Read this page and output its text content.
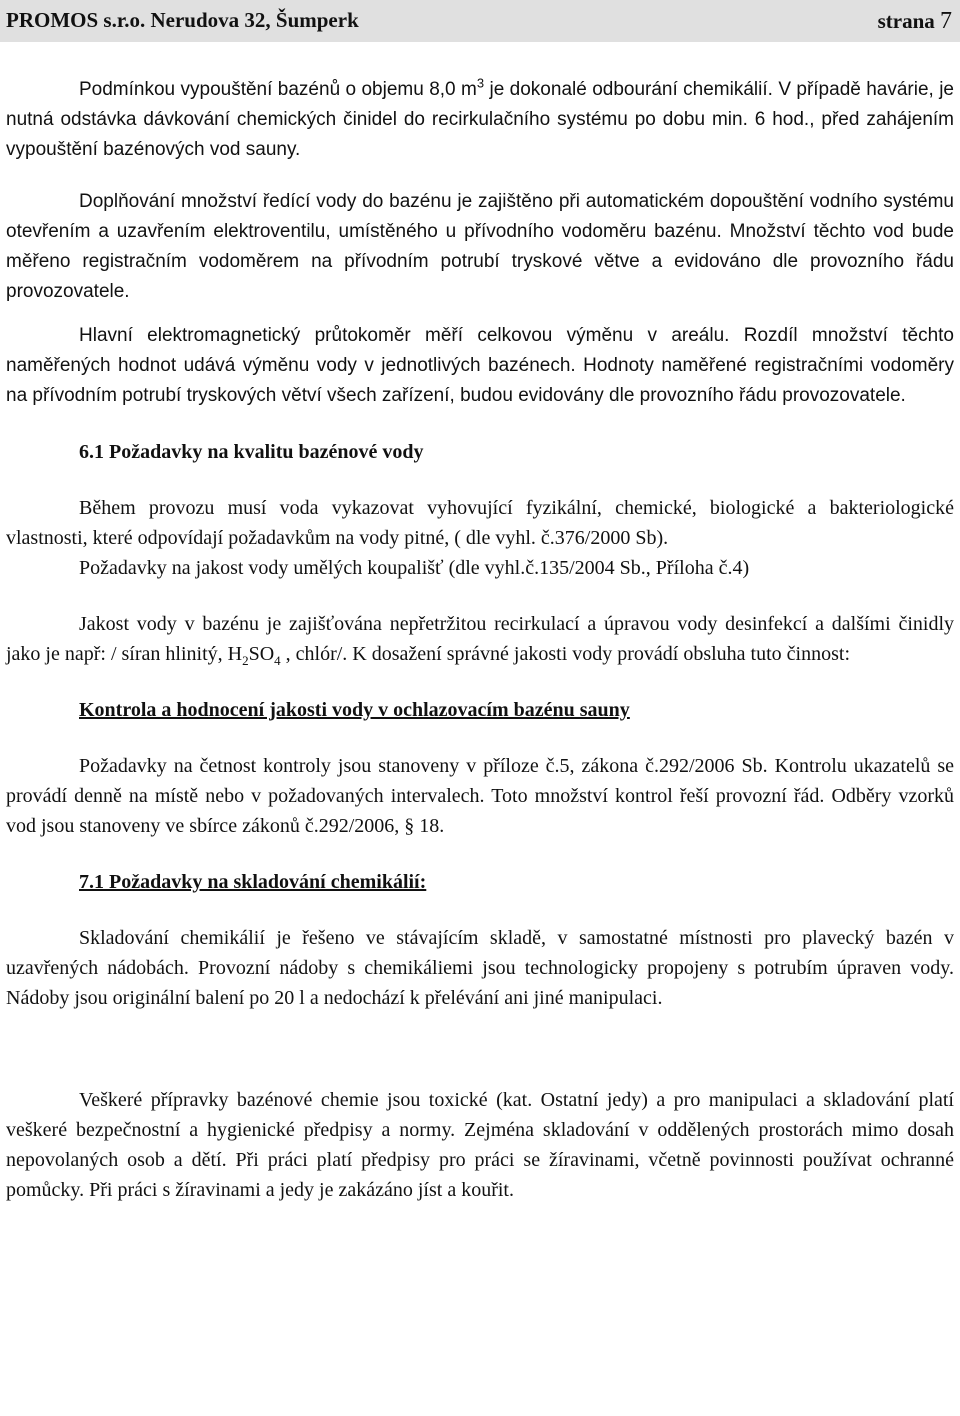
PROMOS s.r.o. Nerudova 32, Šumperk	strana 7

Podmínkou vypouštění bazénů o objemu 8,0 $m^3$ je dokonalé odbourání chemikálií. V případě havárie, je nutná odstávka dávkování chemických činidel do recirkulačního systému po dobu min. 6 hod., před zahájením vypouštění bazénových vod sauny.

Doplňování množství ředící vody do bazénu je zajištěno při automatickém dopouštění vodního systému otevřením a uzavřením elektroventilu, umístěného u přívodního vodoměru bazénu. Množství těchto vod bude měřeno registračním vodoměrem na přívodním potrubí tryskové větve a evidováno dle provozního řádu provozovatele.

Hlavní elektromagnetický průtokoměr měří celkovou výměnu v areálu. Rozdíl množství těchto naměřených hodnot udává výměnu vody v jednotlivých bazénech. Hodnoty naměřené registračními vodoměry na přívodním potrubí tryskových větví všech zařízení, budou evidovány dle provozního řádu provozovatele.

6.1 Požadavky na kvalitu bazénové vody

Během provozu musí voda vykazovat vyhovující fyzikální, chemické, biologické a bakteriologické vlastnosti, které odpovídají požadavkům na vody pitné, ( dle vyhl. č.376/2000 Sb).

Požadavky na jakost vody umělých koupališť (dle vyhl.č.135/2004 Sb., Příloha č.4)

Jakost vody v bazénu je zajišťována nepřetržitou recirkulací a úpravou vody desinfekcí a dalšími činidly jako je např: / síran hlinitý, $H_2SO_4$ , chlór/. K dosažení správné jakosti vody provádí obsluha tuto činnost:

Kontrola a hodnocení jakosti vody v ochlazovacím bazénu sauny

Požadavky na četnost kontroly jsou stanoveny v příloze č.5, zákona č.292/2006 Sb. Kontrolu ukazatelů se provádí denně na místě nebo v požadovaných intervalech. Toto množství kontrol řeší provozní řád. Odběry vzorků vod jsou stanoveny ve sbírce zákonů č.292/2006, § 18.

7.1 Požadavky na skladování chemikálií:

Skladování chemikálií je řešeno ve stávajícím skladě, v samostatné místnosti pro plavecký bazén v uzavřených nádobách. Provozní nádoby s chemikáliemi jsou technologicky propojeny s potrubím úpraven vody. Nádoby jsou originální balení po 20 l a nedochází k přelévání ani jiné manipulaci.

Veškeré přípravky bazénové chemie jsou toxické (kat. Ostatní jedy) a pro manipulaci a skladování platí veškeré bezpečnostní a hygienické předpisy a normy. Zejména skladování v oddělených prostorách mimo dosah nepovolaných osob a dětí. Při práci platí předpisy pro práci se žíravinami, včetně povinnosti používat ochranné pomůcky. Při práci s žíravinami a jedy je zakázáno jíst a kouřit.
